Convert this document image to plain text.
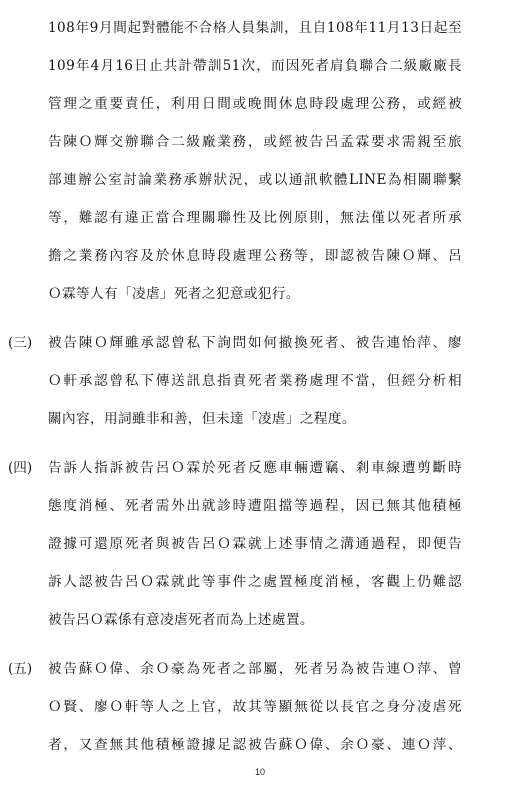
108年9月間起對體能不合格人員集訓，且自108年11月13日起至
109年4月16日止共計帶訓51次，而因死者肩負聯合二級廠廠長
管理之重要責任，利用日間或晚間休息時段處理公務，或經被
告陳Ｏ輝交辦聯合二級廠業務，或經被告呂孟霖要求需親至旅
部連辦公室討論業務承辦狀況，或以通訊軟體LINE為相關聯繫
等，難認有違正當合理關聯性及比例原則，無法僅以死者所承
擔之業務內容及於休息時段處理公務等，即認被告陳Ｏ輝、呂
Ｏ霖等人有「凌虐」死者之犯意或犯行。
(三)	被告陳Ｏ輝雖承認曾私下詢問如何撤換死者、被告連怡萍、廖
Ｏ軒承認曾私下傳送訊息指責死者業務處理不當，但經分析相
關內容，用詞雖非和善，但未達「凌虐」之程度。
(四)	告訴人指訴被告呂Ｏ霖於死者反應車輛遭竊、剎車線遭剪斷時
態度消極、死者需外出就診時遭阻擋等過程，因已無其他積極
證據可還原死者與被告呂Ｏ霖就上述事情之溝通過程，即便告
訴人認被告呂Ｏ霖就此等事件之處置極度消極，客觀上仍難認
被告呂Ｏ霖係有意凌虐死者而為上述處置。
(五)	被告蘇Ｏ偉、余Ｏ豪為死者之部屬，死者另為被告連Ｏ萍、曾
Ｏ賢、廖Ｏ軒等人之上官，故其等顯無從以長官之身分凌虐死
者，又查無其他積極證據足認被告蘇Ｏ偉、余Ｏ豪、連Ｏ萍、
10
